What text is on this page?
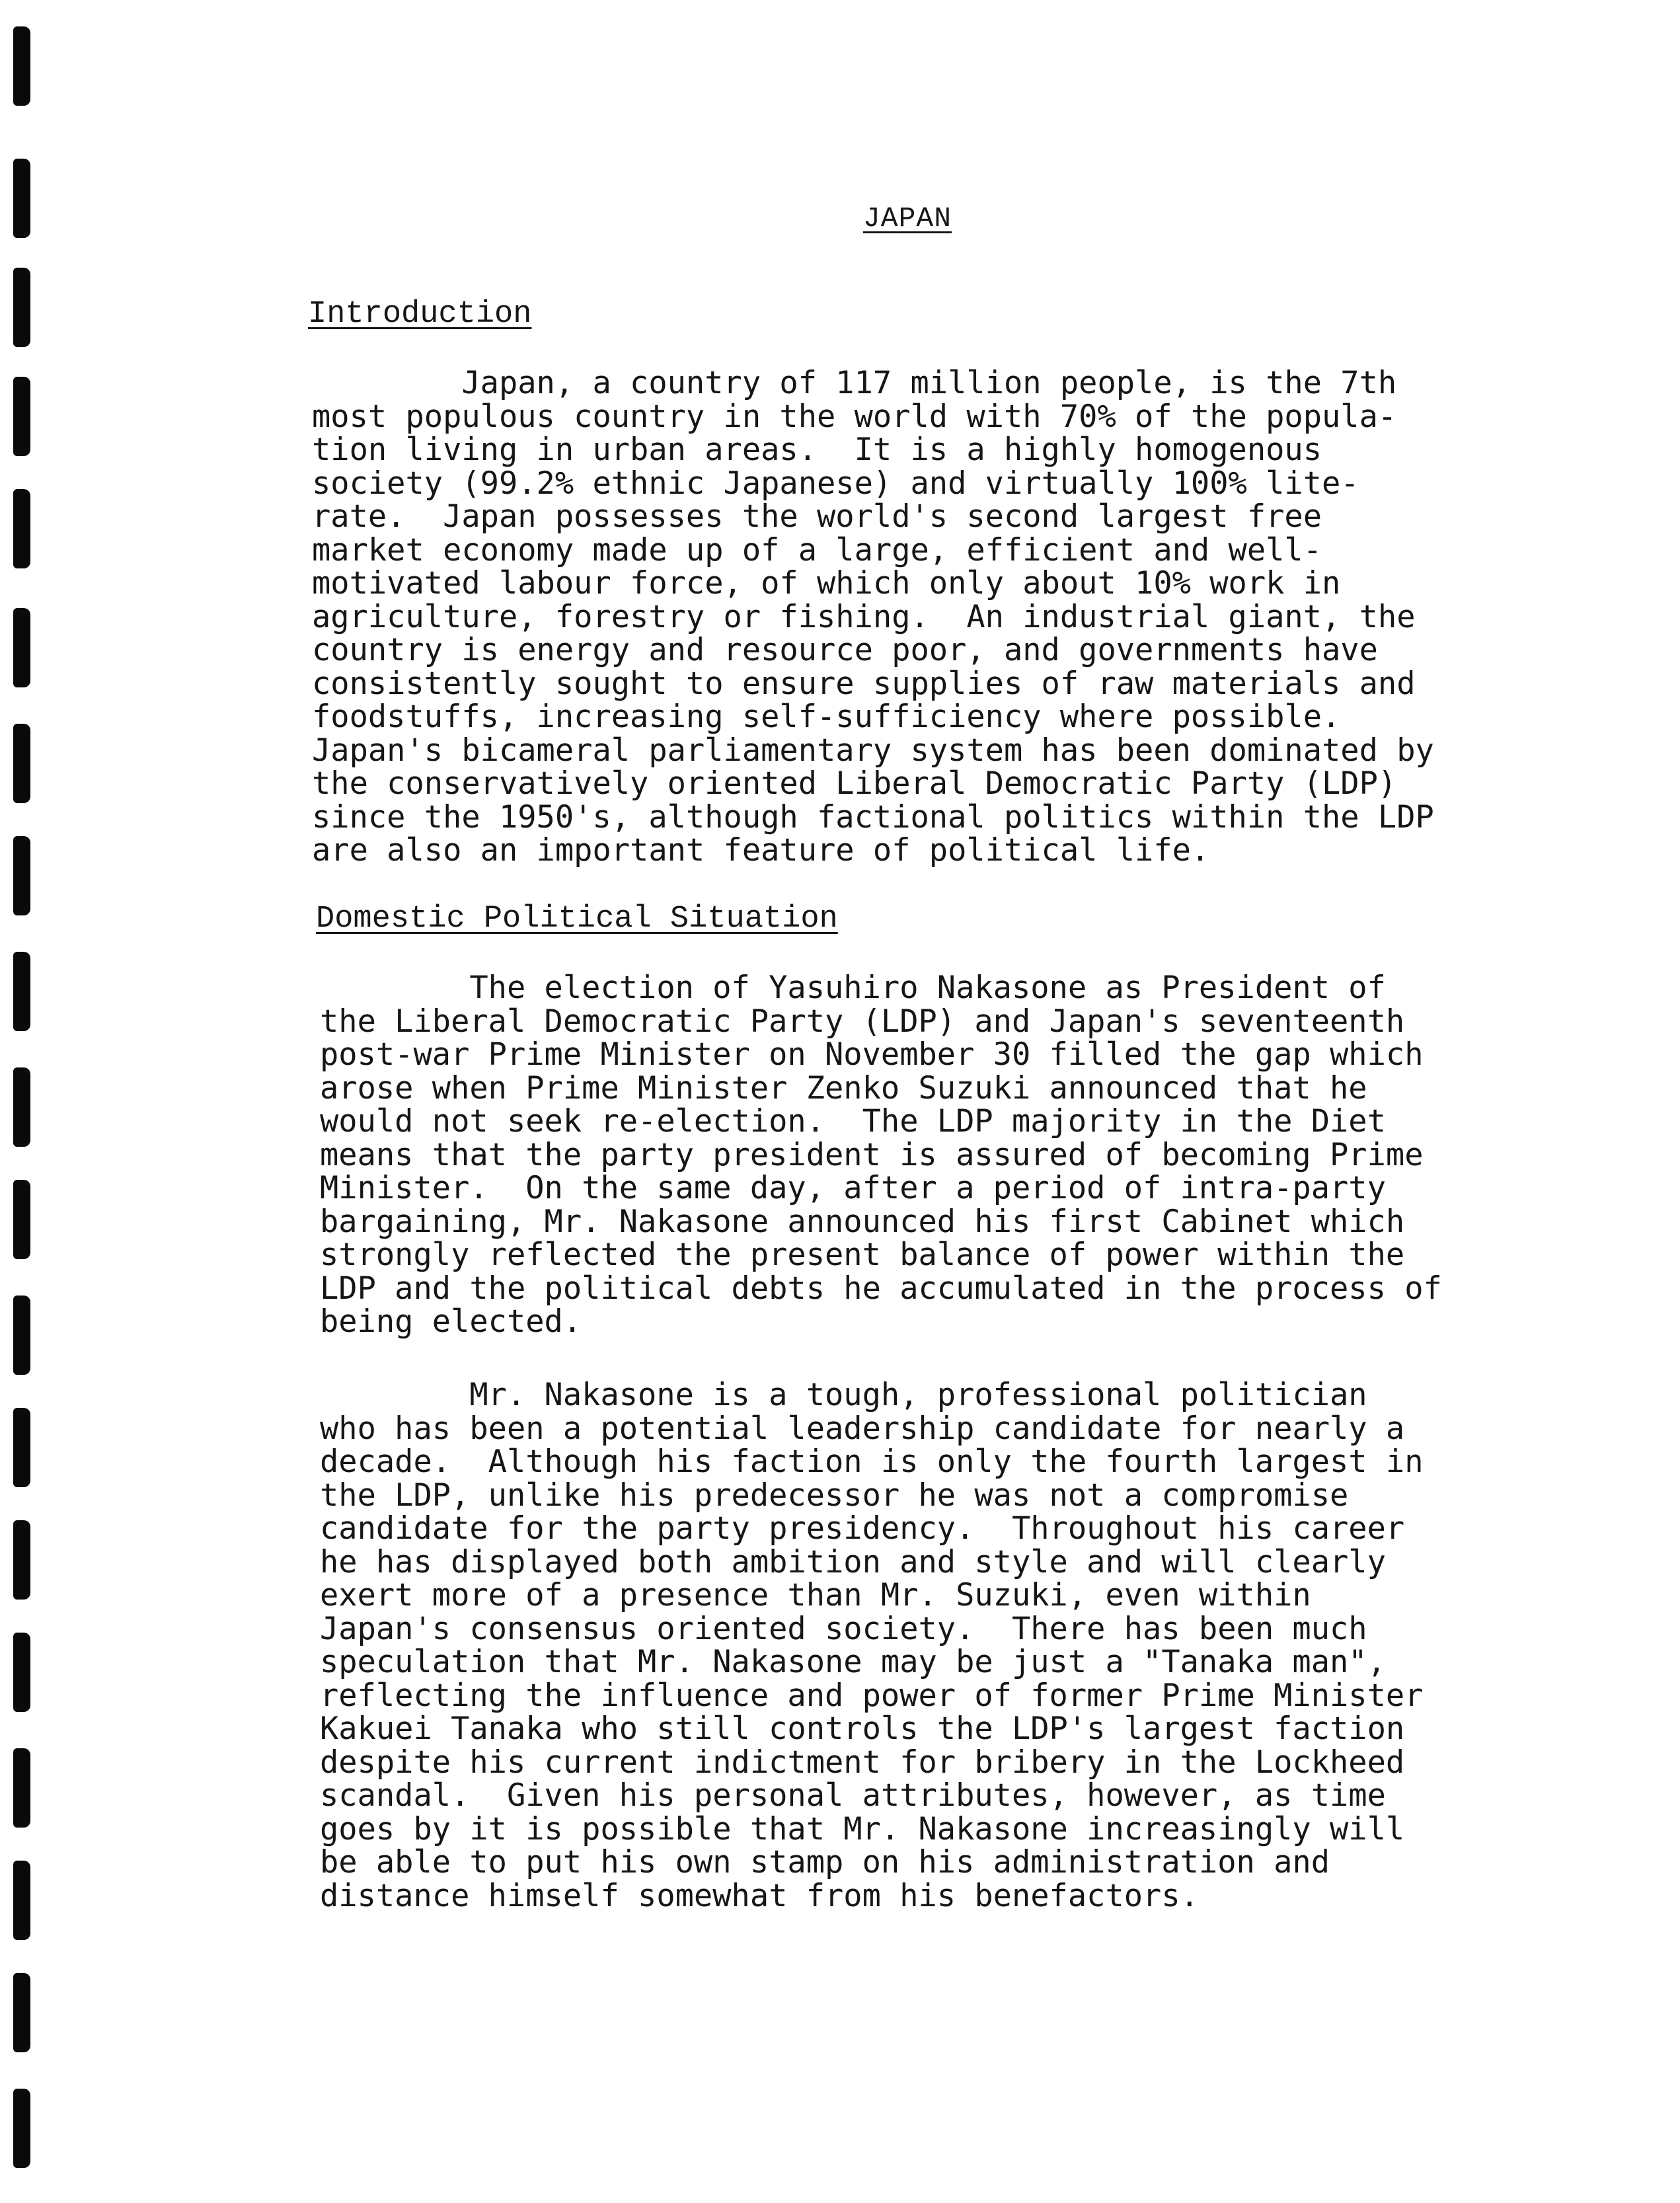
JAPAN
Introduction
Japan, a country of 117 million people, is the 7th
most populous country in the world with 70% of the popula-
tion living in urban areas.  It is a highly homogenous
society (99.2% ethnic Japanese) and virtually 100% lite-
rate.  Japan possesses the world's second largest free
market economy made up of a large, efficient and well-
motivated labour force, of which only about 10% work in
agriculture, forestry or fishing.  An industrial giant, the
country is energy and resource poor, and governments have
consistently sought to ensure supplies of raw materials and
foodstuffs, increasing self-sufficiency where possible.
Japan's bicameral parliamentary system has been dominated by
the conservatively oriented Liberal Democratic Party (LDP)
since the 1950's, although factional politics within the LDP
are also an important feature of political life.
Domestic Political Situation
The election of Yasuhiro Nakasone as President of
the Liberal Democratic Party (LDP) and Japan's seventeenth
post-war Prime Minister on November 30 filled the gap which
arose when Prime Minister Zenko Suzuki announced that he
would not seek re-election.  The LDP majority in the Diet
means that the party president is assured of becoming Prime
Minister.  On the same day, after a period of intra-party
bargaining, Mr. Nakasone announced his first Cabinet which
strongly reflected the present balance of power within the
LDP and the political debts he accumulated in the process of
being elected.
Mr. Nakasone is a tough, professional politician
who has been a potential leadership candidate for nearly a
decade.  Although his faction is only the fourth largest in
the LDP, unlike his predecessor he was not a compromise
candidate for the party presidency.  Throughout his career
he has displayed both ambition and style and will clearly
exert more of a presence than Mr. Suzuki, even within
Japan's consensus oriented society.  There has been much
speculation that Mr. Nakasone may be just a "Tanaka man",
reflecting the influence and power of former Prime Minister
Kakuei Tanaka who still controls the LDP's largest faction
despite his current indictment for bribery in the Lockheed
scandal.  Given his personal attributes, however, as time
goes by it is possible that Mr. Nakasone increasingly will
be able to put his own stamp on his administration and
distance himself somewhat from his benefactors.
